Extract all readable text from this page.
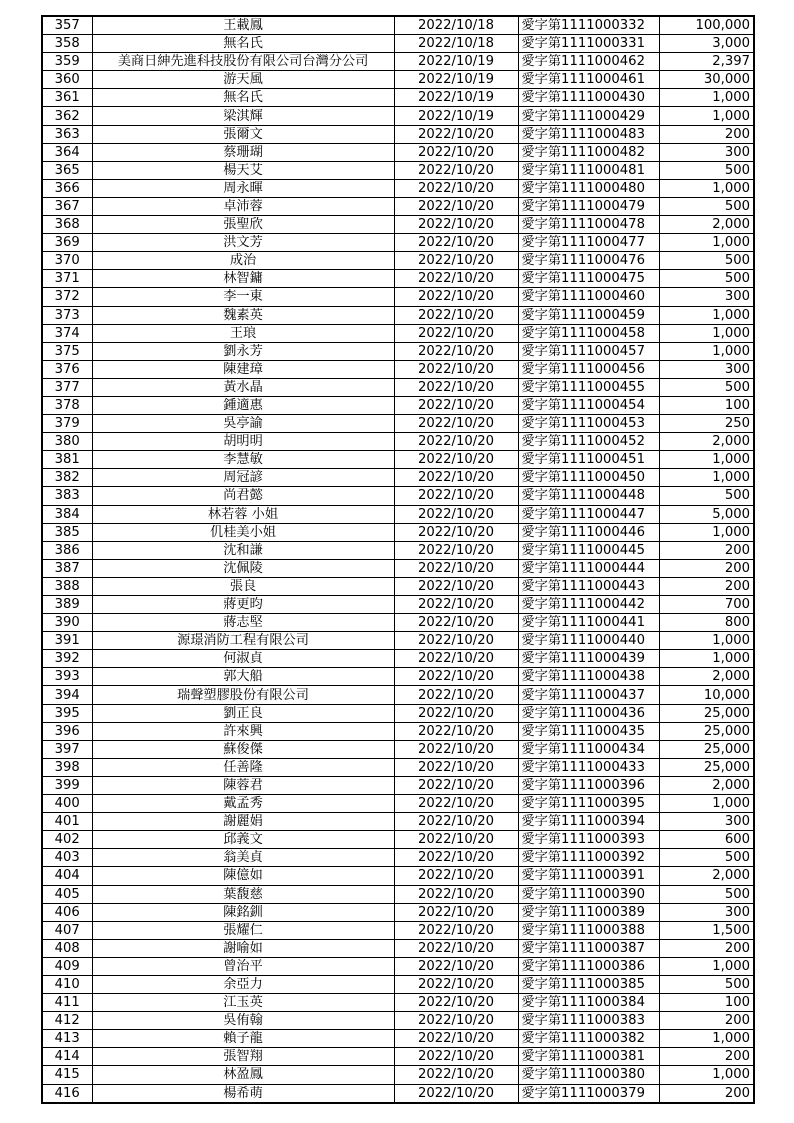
357	王載鳳	2022/10/18	愛字第1111000332	100,000
358	無名氏	2022/10/18	愛字第1111000331	3,000
359	美商日紳先進科技股份有限公司台灣分公司	2022/10/19	愛字第1111000462	2,397
360	游天風	2022/10/19	愛字第1111000461	30,000
361	無名氏	2022/10/19	愛字第1111000430	1,000
362	梁淇輝	2022/10/19	愛字第1111000429	1,000
363	張爾文	2022/10/20	愛字第1111000483	200
364	蔡珊瑚	2022/10/20	愛字第1111000482	300
365	楊天艾	2022/10/20	愛字第1111000481	500
366	周永暉	2022/10/20	愛字第1111000480	1,000
367	卓沛蓉	2022/10/20	愛字第1111000479	500
368	張聖欣	2022/10/20	愛字第1111000478	2,000
369	洪文芳	2022/10/20	愛字第1111000477	1,000
370	成治	2022/10/20	愛字第1111000476	500
371	林智鏞	2022/10/20	愛字第1111000475	500
372	李一東	2022/10/20	愛字第1111000460	300
373	魏素英	2022/10/20	愛字第1111000459	1,000
374	王琅	2022/10/20	愛字第1111000458	1,000
375	劉永芳	2022/10/20	愛字第1111000457	1,000
376	陳建璋	2022/10/20	愛字第1111000456	300
377	黃水晶	2022/10/20	愛字第1111000455	500
378	鍾適惠	2022/10/20	愛字第1111000454	100
379	吳亭諭	2022/10/20	愛字第1111000453	250
380	胡明明	2022/10/20	愛字第1111000452	2,000
381	李慧敏	2022/10/20	愛字第1111000451	1,000
382	周冠諺	2022/10/20	愛字第1111000450	1,000
383	尚君懿	2022/10/20	愛字第1111000448	500
384	林若蓉 小姐	2022/10/20	愛字第1111000447	5,000
385	仉桂美小姐	2022/10/20	愛字第1111000446	1,000
386	沈和謙	2022/10/20	愛字第1111000445	200
387	沈佩陵	2022/10/20	愛字第1111000444	200
388	張良	2022/10/20	愛字第1111000443	200
389	蔣更昀	2022/10/20	愛字第1111000442	700
390	蔣志堅	2022/10/20	愛字第1111000441	800
391	源璟消防工程有限公司	2022/10/20	愛字第1111000440	1,000
392	何淑貞	2022/10/20	愛字第1111000439	1,000
393	郭大船	2022/10/20	愛字第1111000438	2,000
394	瑞聲塑膠股份有限公司	2022/10/20	愛字第1111000437	10,000
395	劉正良	2022/10/20	愛字第1111000436	25,000
396	許來興	2022/10/20	愛字第1111000435	25,000
397	蘇俊傑	2022/10/20	愛字第1111000434	25,000
398	任善隆	2022/10/20	愛字第1111000433	25,000
399	陳蓉君	2022/10/20	愛字第1111000396	2,000
400	戴孟秀	2022/10/20	愛字第1111000395	1,000
401	謝麗娟	2022/10/20	愛字第1111000394	300
402	邱義文	2022/10/20	愛字第1111000393	600
403	翁美貞	2022/10/20	愛字第1111000392	500
404	陳億如	2022/10/20	愛字第1111000391	2,000
405	葉馥慈	2022/10/20	愛字第1111000390	500
406	陳銘釧	2022/10/20	愛字第1111000389	300
407	張耀仁	2022/10/20	愛字第1111000388	1,500
408	謝喻如	2022/10/20	愛字第1111000387	200
409	曾治平	2022/10/20	愛字第1111000386	1,000
410	余亞力	2022/10/20	愛字第1111000385	500
411	江玉英	2022/10/20	愛字第1111000384	100
412	吳侑翰	2022/10/20	愛字第1111000383	200
413	賴子龍	2022/10/20	愛字第1111000382	1,000
414	張智翔	2022/10/20	愛字第1111000381	200
415	林盈鳳	2022/10/20	愛字第1111000380	1,000
416	楊希萌	2022/10/20	愛字第1111000379	200
